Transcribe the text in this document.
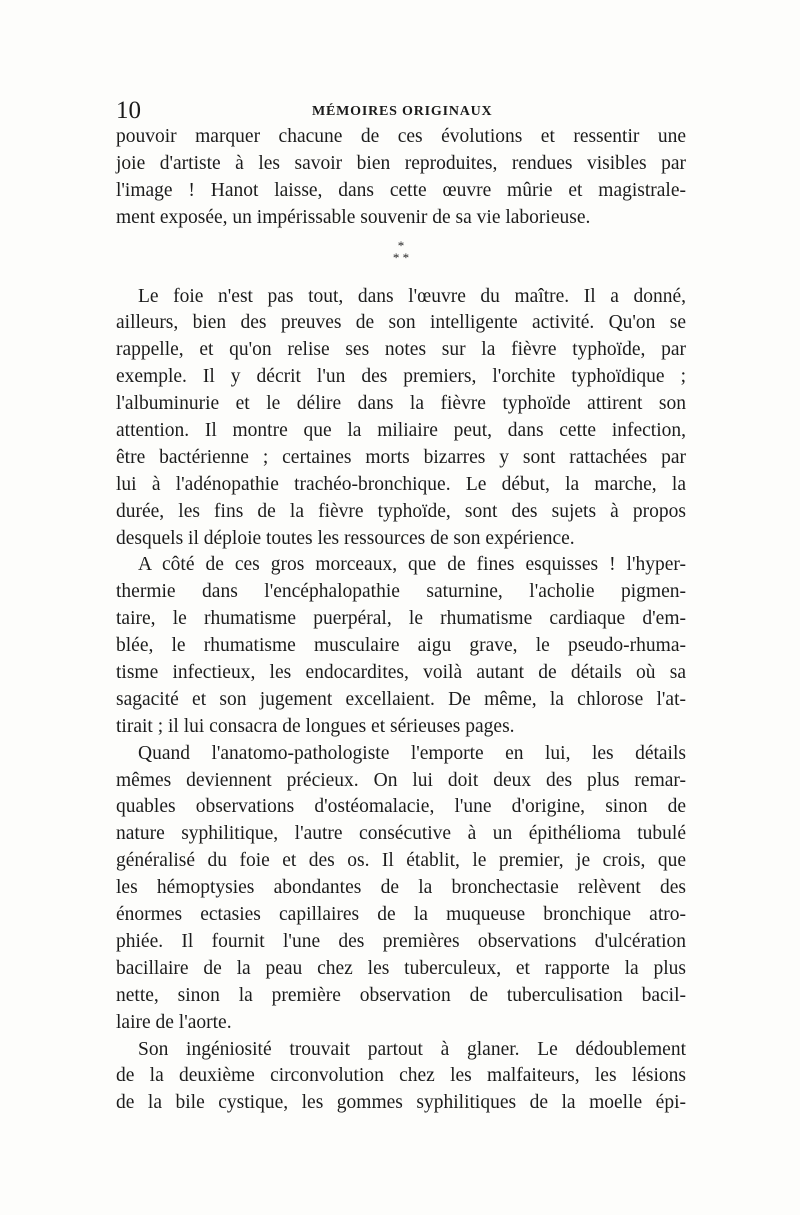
10	MÉMOIRES ORIGINAUX
pouvoir marquer chacune de ces évolutions et ressentir une
joie d'artiste à les savoir bien reproduites, rendues visibles par
l'image ! Hanot laisse, dans cette œuvre mûrie et magistrale-
ment exposée, un impérissable souvenir de sa vie laborieuse.
*
* *
Le foie n'est pas tout, dans l'œuvre du maître. Il a donné,
ailleurs, bien des preuves de son intelligente activité. Qu'on se
rappelle, et qu'on relise ses notes sur la fièvre typhoïde, par
exemple. Il y décrit l'un des premiers, l'orchite typhoïdique ;
l'albuminurie et le délire dans la fièvre typhoïde attirent son
attention. Il montre que la miliaire peut, dans cette infection,
être bactérienne ; certaines morts bizarres y sont rattachées par
lui à l'adénopathie trachéo-bronchique. Le début, la marche, la
durée, les fins de la fièvre typhoïde, sont des sujets à propos
desquels il déploie toutes les ressources de son expérience.
A côté de ces gros morceaux, que de fines esquisses ! l'hyper-
thermie dans l'encéphalopathie saturnine, l'acholie pigmen-
taire, le rhumatisme puerpéral, le rhumatisme cardiaque d'em-
blée, le rhumatisme musculaire aigu grave, le pseudo-rhuma-
tisme infectieux, les endocardites, voilà autant de détails où sa
sagacité et son jugement excellaient. De même, la chlorose l'at-
tirait ; il lui consacra de longues et sérieuses pages.
Quand l'anatomo-pathologiste l'emporte en lui, les détails
mêmes deviennent précieux. On lui doit deux des plus remar-
quables observations d'ostéomalacie, l'une d'origine, sinon de
nature syphilitique, l'autre consécutive à un épithélioma tubulé
généralisé du foie et des os. Il établit, le premier, je crois, que
les hémoptysies abondantes de la bronchectasie relèvent des
énormes ectasies capillaires de la muqueuse bronchique atro-
phiée. Il fournit l'une des premières observations d'ulcération
bacillaire de la peau chez les tuberculeux, et rapporte la plus
nette, sinon la première observation de tuberculisation bacil-
laire de l'aorte.
Son ingéniosité trouvait partout à glaner. Le dédoublement
de la deuxième circonvolution chez les malfaiteurs, les lésions
de la bile cystique, les gommes syphilitiques de la moelle épi-
